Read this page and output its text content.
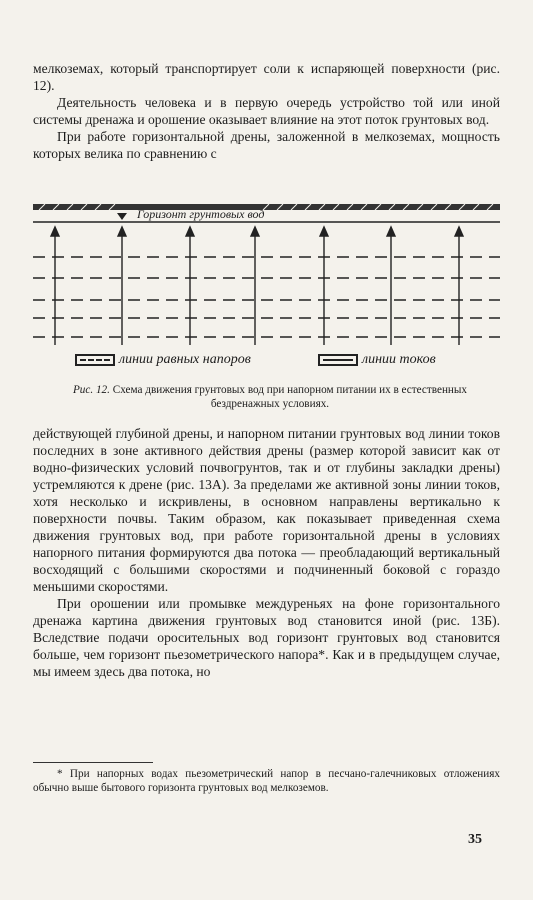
мелкоземах, который транспортирует соли к испаряющей поверхности (рис. 12).

Деятельность человека и в первую очередь устройство той или иной системы дренажа и орошение оказывает влияние на этот поток грунтовых вод.

При работе горизонтальной дрены, заложенной в мелкоземах, мощность которых велика по сравнению с

Горизонт грунтовых вод
линии равных напоров	линии токов
Рис. 12. Схема движения грунтовых вод при напорном питании их в естественных бездренажных условиях.

действующей глубиной дрены, и напорном питании грунтовых вод линии токов последних в зоне активного действия дрены (размер которой зависит как от водно-физических условий почвогрунтов, так и от глубины закладки дрены) устремляются к дрене (рис. 13А). За пределами же активной зоны линии токов, хотя несколько и искривлены, в основном направлены вертикально к поверхности почвы. Таким образом, как показывает приведенная схема движения грунтовых вод, при работе горизонтальной дрены в условиях напорного питания формируются два потока — преобладающий вертикальный восходящий с большими скоростями и подчиненный боковой с гораздо меньшими скоростями.

При орошении или промывке междуреньях на фоне горизонтального дренажа картина движения грунтовых вод становится иной (рис. 13Б). Вследствие подачи оросительных вод горизонт грунтовых вод становится больше, чем горизонт пьезометрического напора*. Как и в предыдущем случае, мы имеем здесь два потока, но

* При напорных водах пьезометрический напор в песчано-галечниковых отложениях обычно выше бытового горизонта грунтовых вод мелкоземов.

35
